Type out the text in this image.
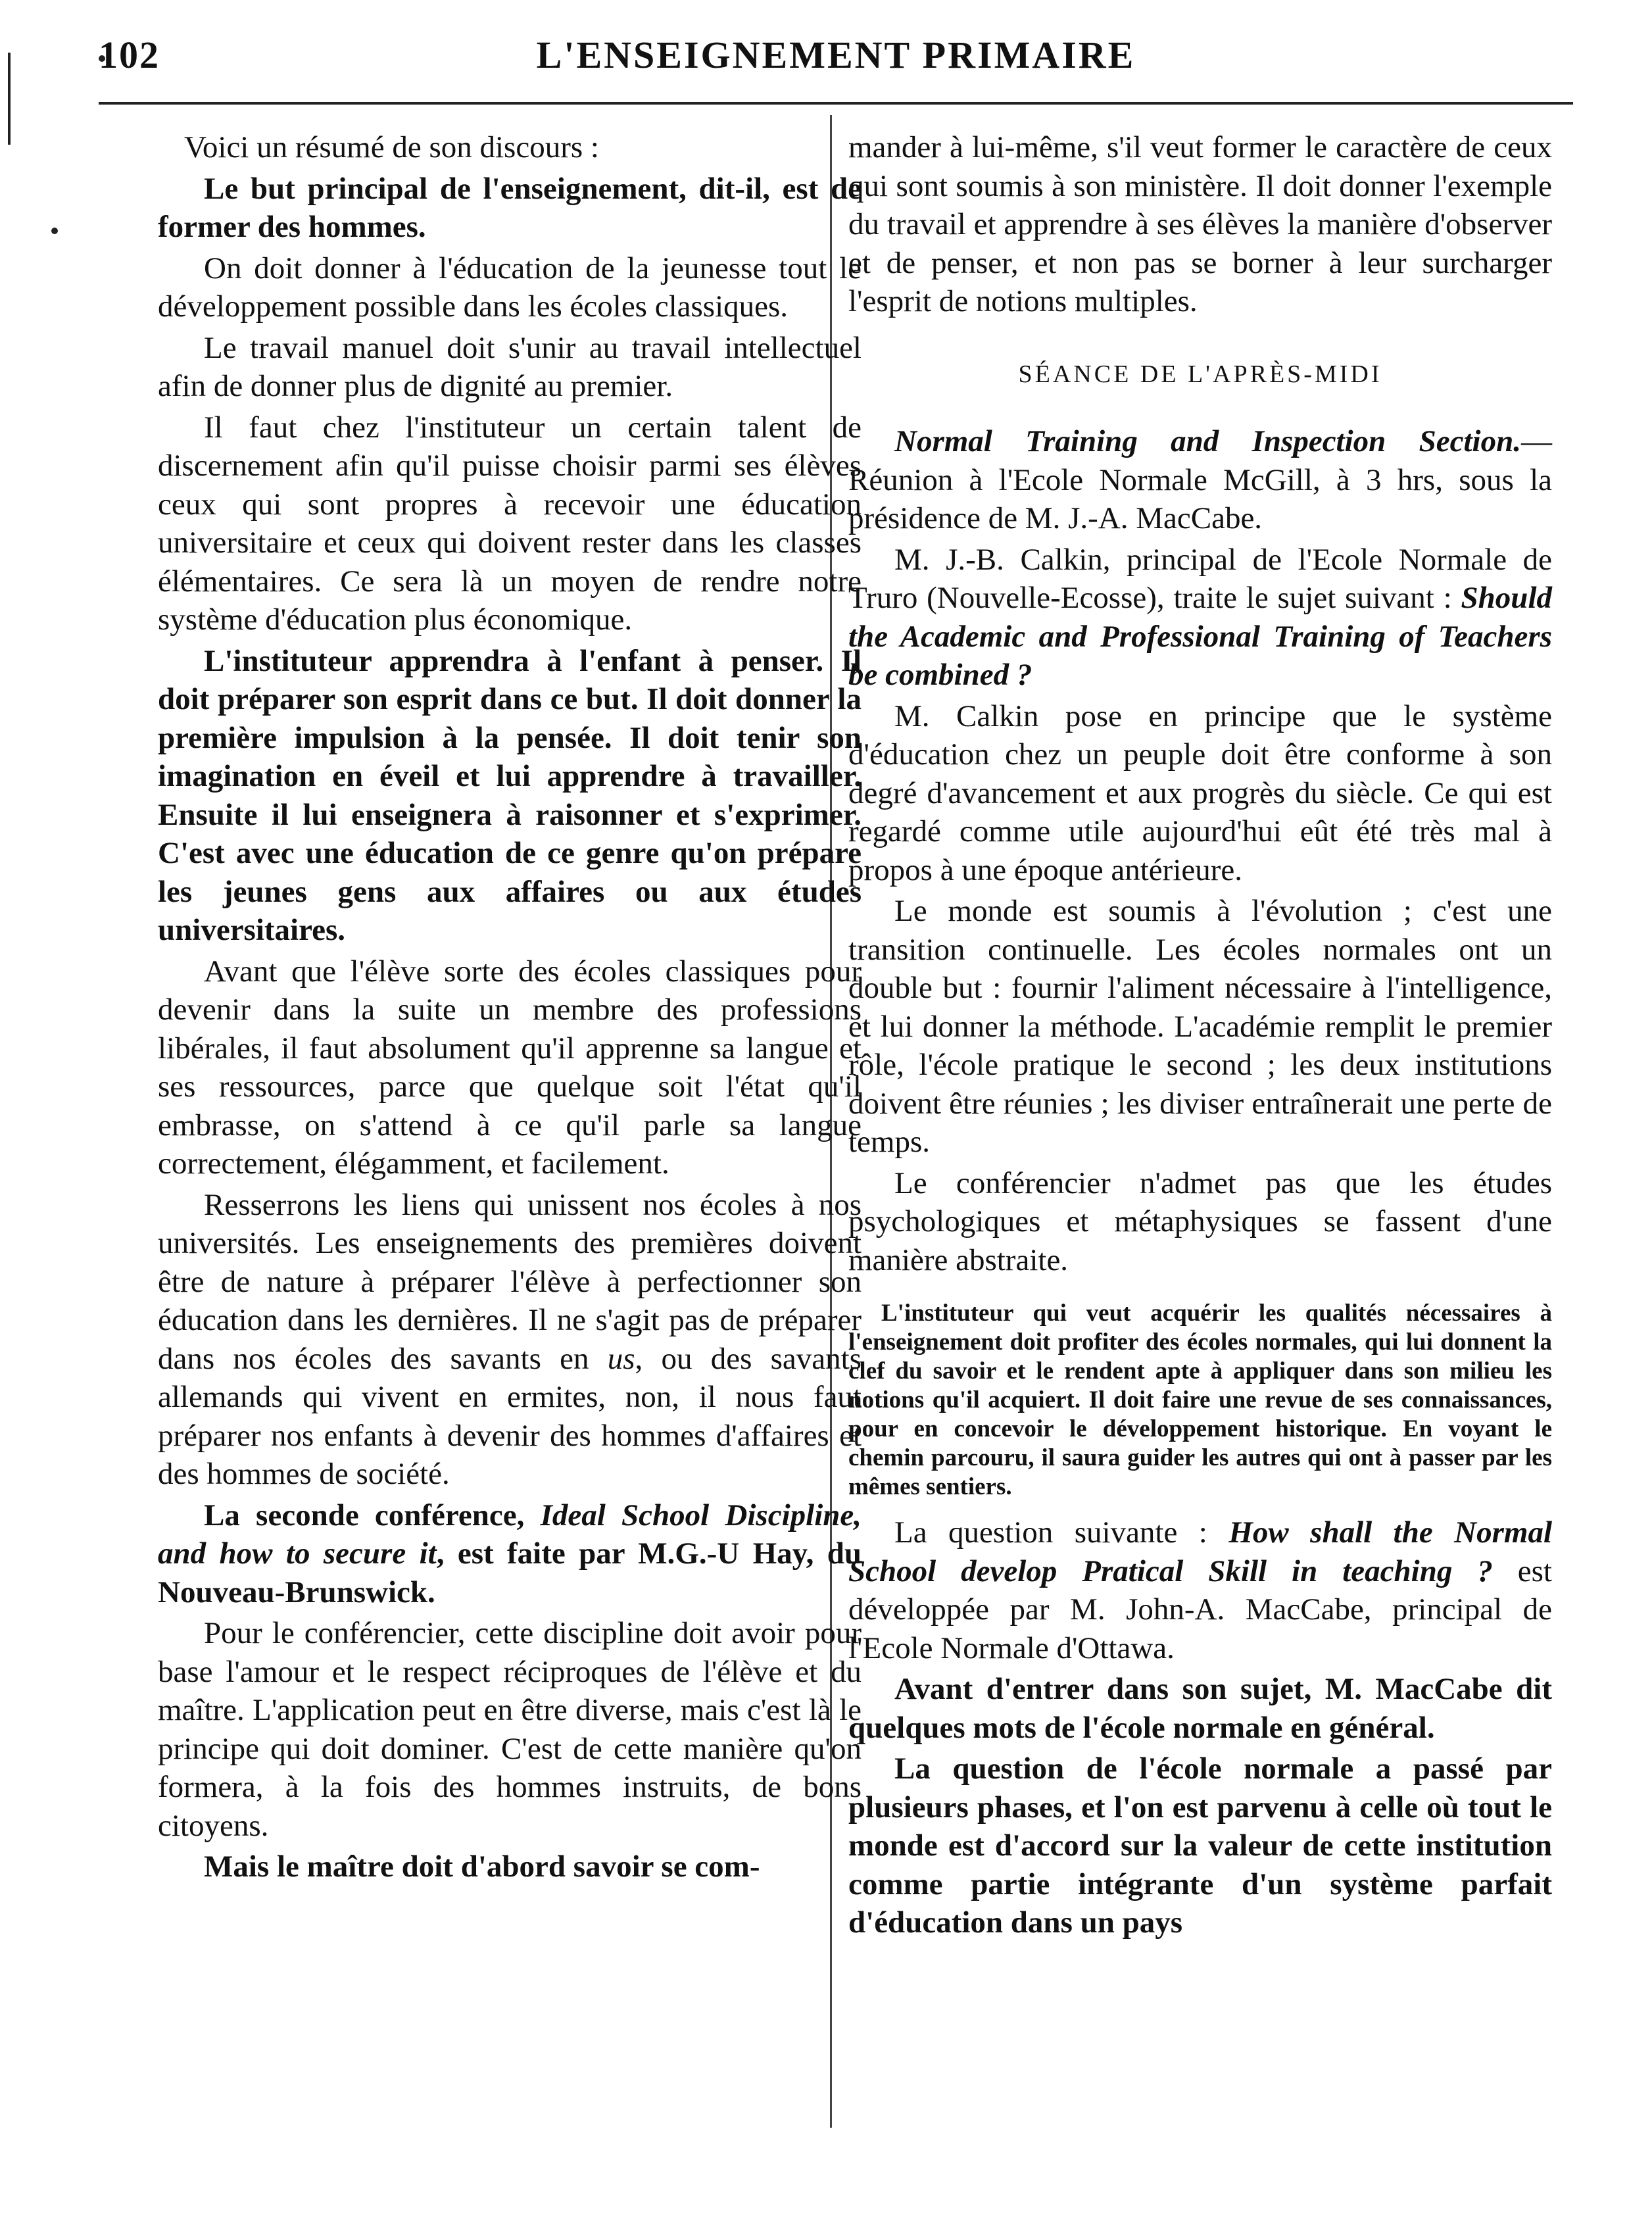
102	L'ENSEIGNEMENT PRIMAIRE

Voici un résumé de son discours :

Le but principal de l'enseignement, dit-il, est de former des hommes.

On doit donner à l'éducation de la jeunesse tout le développement possible dans les écoles classiques.

Le travail manuel doit s'unir au travail intellectuel afin de donner plus de dignité au premier.

Il faut chez l'instituteur un certain talent de discernement afin qu'il puisse choisir parmi ses élèves ceux qui sont propres à recevoir une éducation universitaire et ceux qui doivent rester dans les classes élémentaires. Ce sera là un moyen de rendre notre système d'éducation plus économique.

L'instituteur apprendra à l'enfant à penser. Il doit préparer son esprit dans ce but. Il doit donner la première impulsion à la pensée. Il doit tenir son imagination en éveil et lui apprendre à travailler. Ensuite il lui enseignera à raisonner et s'exprimer. C'est avec une éducation de ce genre qu'on prépare les jeunes gens aux affaires ou aux études universitaires.

Avant que l'élève sorte des écoles classiques pour devenir dans la suite un membre des professions libérales, il faut absolument qu'il apprenne sa langue et ses ressources, parce que quelque soit l'état qu'il embrasse, on s'attend à ce qu'il parle sa langue correctement, élégamment, et facilement.

Resserrons les liens qui unissent nos écoles à nos universités. Les enseignements des premières doivent être de nature à préparer l'élève à perfectionner son éducation dans les dernières. Il ne s'agit pas de préparer dans nos écoles des savants en us, ou des savants allemands qui vivent en ermites, non, il nous faut préparer nos enfants à devenir des hommes d'affaires et des hommes de société.

La seconde conférence, Ideal School Discipline, and how to secure it, est faite par M.G.-U Hay, du Nouveau-Brunswick.

Pour le conférencier, cette discipline doit avoir pour base l'amour et le respect réciproques de l'élève et du maître. L'application peut en être diverse, mais c'est là le principe qui doit dominer. C'est de cette manière qu'on formera, à la fois des hommes instruits, de bons citoyens.

Mais le maître doit d'abord savoir se com-

mander à lui-même, s'il veut former le caractère de ceux qui sont soumis à son ministère. Il doit donner l'exemple du travail et apprendre à ses élèves la manière d'observer et de penser, et non pas se borner à leur surcharger l'esprit de notions multiples.

SÉANCE DE L'APRÈS-MIDI

Normal Training and Inspection Section.—Réunion à l'Ecole Normale McGill, à 3 hrs, sous la présidence de M. J.-A. MacCabe.

M. J.-B. Calkin, principal de l'Ecole Normale de Truro (Nouvelle-Ecosse), traite le sujet suivant : Should the Academic and Professional Training of Teachers be combined ?

M. Calkin pose en principe que le système d'éducation chez un peuple doit être conforme à son degré d'avancement et aux progrès du siècle. Ce qui est regardé comme utile aujourd'hui eût été très mal à propos à une époque antérieure.

Le monde est soumis à l'évolution ; c'est une transition continuelle. Les écoles normales ont un double but : fournir l'aliment nécessaire à l'intelligence, et lui donner la méthode. L'académie remplit le premier rôle, l'école pratique le second ; les deux institutions doivent être réunies ; les diviser entraînerait une perte de temps.

Le conférencier n'admet pas que les études psychologiques et métaphysiques se fassent d'une manière abstraite.

L'instituteur qui veut acquérir les qualités nécessaires à l'enseignement doit profiter des écoles normales, qui lui donnent la clef du savoir et le rendent apte à appliquer dans son milieu les notions qu'il acquiert. Il doit faire une revue de ses connaissances, pour en concevoir le développement historique. En voyant le chemin parcouru, il saura guider les autres qui ont à passer par les mêmes sentiers.

La question suivante : How shall the Normal School develop Pratical Skill in teaching ? est développée par M. John-A. MacCabe, principal de l'Ecole Normale d'Ottawa.

Avant d'entrer dans son sujet, M. MacCabe dit quelques mots de l'école normale en général.

La question de l'école normale a passé par plusieurs phases, et l'on est parvenu à celle où tout le monde est d'accord sur la valeur de cette institution comme partie intégrante d'un système parfait d'éducation dans un pays
